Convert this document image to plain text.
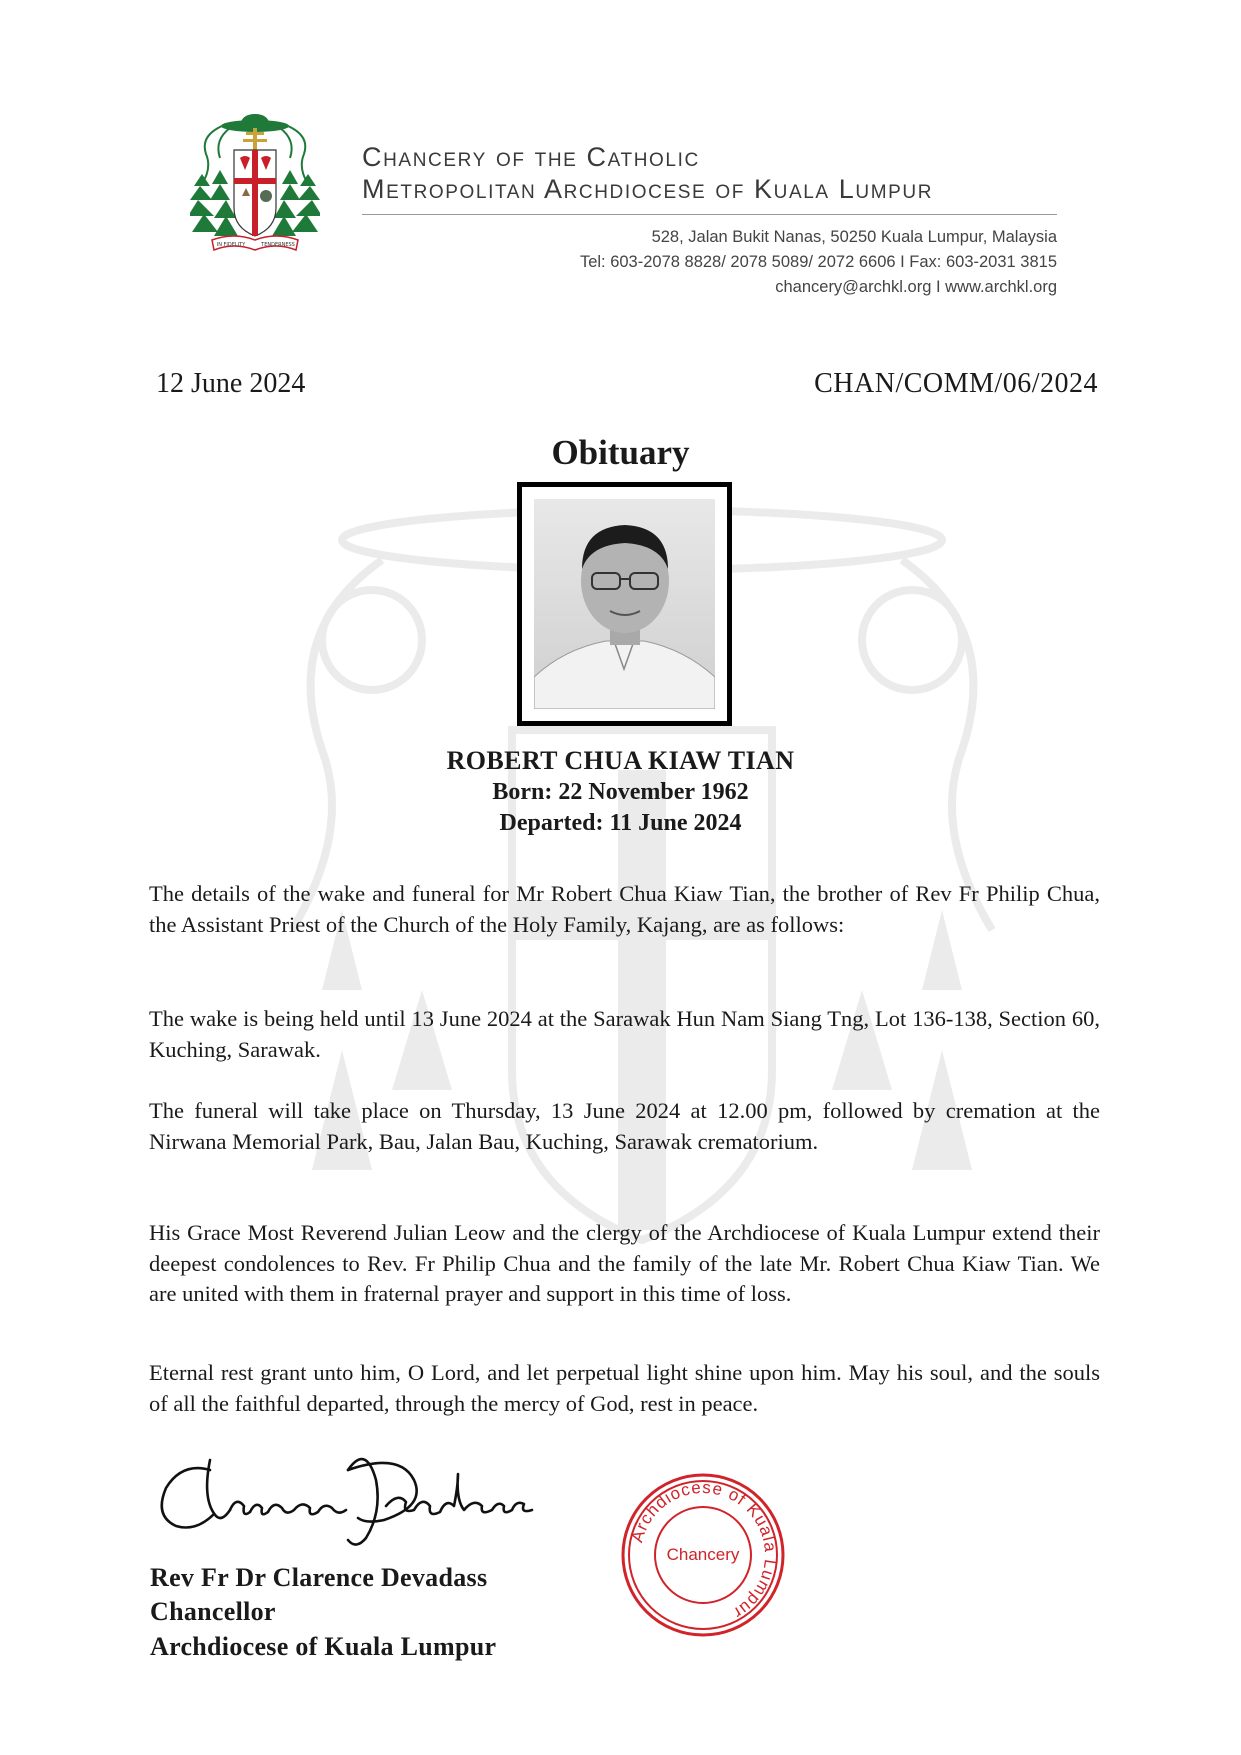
IN FIDELITY	TENDERNESS
Chancery of the Catholic
Metropolitan Archdiocese of Kuala Lumpur
528, Jalan Bukit Nanas, 50250 Kuala Lumpur, Malaysia
Tel: 603-2078 8828/ 2078 5089/ 2072 6606 I Fax: 603-2031 3815
chancery@archkl.org I www.archkl.org
12 June 2024	CHAN/COMM/06/2024
Obituary
ROBERT CHUA KIAW TIAN
Born: 22 November 1962
Departed: 11 June 2024
The details of the wake and funeral for Mr Robert Chua Kiaw Tian, the brother of Rev Fr Philip Chua, the Assistant Priest of the Church of the Holy Family, Kajang, are as follows:
The wake is being held until 13 June 2024 at the Sarawak Hun Nam Siang Tng, Lot 136-138, Section 60, Kuching, Sarawak.
The funeral will take place on Thursday, 13 June 2024 at 12.00 pm, followed by cremation at the Nirwana Memorial Park, Bau, Jalan Bau, Kuching, Sarawak crematorium.
His Grace Most Reverend Julian Leow and the clergy of the Archdiocese of Kuala Lumpur extend their deepest condolences to Rev. Fr Philip Chua and the family of the late Mr. Robert Chua Kiaw Tian. We are united with them in fraternal prayer and support in this time of loss.
Eternal rest grant unto him, O Lord, and let perpetual light shine upon him. May his soul, and the souls of all the faithful departed, through the mercy of God, rest in peace.
Archdiocese of Kuala Lumpur
Chancery
Rev Fr Dr Clarence Devadass
Chancellor
Archdiocese of Kuala Lumpur
